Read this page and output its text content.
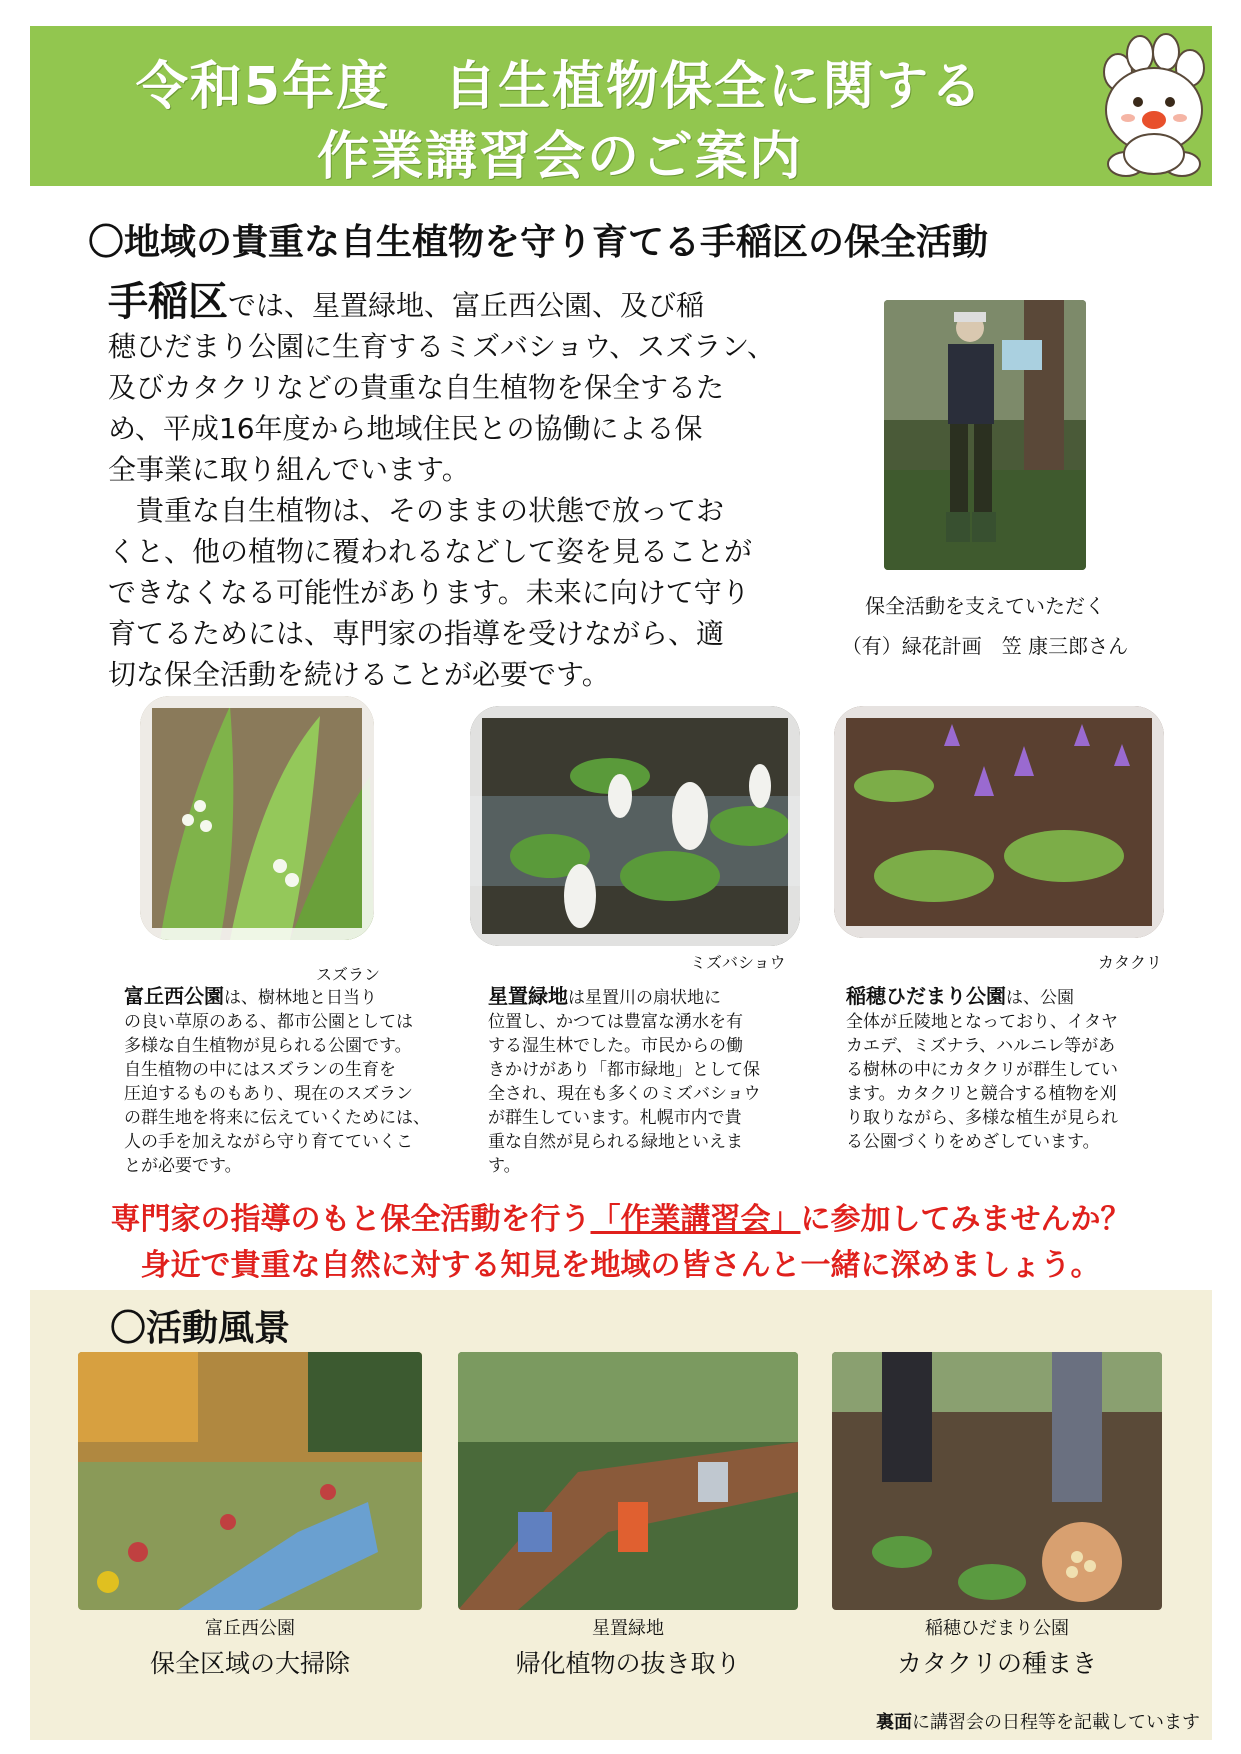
令和5年度　自生植物保全に関する
作業講習会のご案内
〇地域の貴重な自生植物を守り育てる手稲区の保全活動

手稲区では、星置緑地、富丘西公園、及び稲

穂ひだまり公園に生育するミズバショウ、スズラン、

及びカタクリなどの貴重な自生植物を保全するた

め、平成16年度から地域住民との協働による保

全事業に取り組んでいます。

　貴重な自生植物は、そのままの状態で放ってお

くと、他の植物に覆われるなどして姿を見ることが

できなくなる可能性があります。未来に向けて守り

育てるためには、専門家の指導を受けながら、適

切な保全活動を続けることが必要です。

保全活動を支えていただく
（有）緑花計画　笠 康三郎さん
スズラン
ミズバショウ	カタクリ
富丘西公園は、樹林地と日当り
の良い草原のある、都市公園としては
多様な自生植物が見られる公園です。
自生植物の中にはスズランの生育を
圧迫するものもあり、現在のスズラン
の群生地を将来に伝えていくためには、
人の手を加えながら守り育てていくこ
とが必要です。
星置緑地は星置川の扇状地に
位置し、かつては豊富な湧水を有
する湿生林でした。市民からの働
きかけがあり「都市緑地」として保
全され、現在も多くのミズバショウ
が群生しています。札幌市内で貴
重な自然が見られる緑地といえま
す。
稲穂ひだまり公園は、公園
全体が丘陵地となっており、イタヤ
カエデ、ミズナラ、ハルニレ等があ
る樹林の中にカタクリが群生してい
ます。カタクリと競合する植物を刈
り取りながら、多様な植生が見られ
る公園づくりをめざしています。
専門家の指導のもと保全活動を行う「作業講習会」に参加してみませんか？
身近で貴重な自然に対する知見を地域の皆さんと一緒に深めましょう。
〇活動風景
富丘西公園
保全区域の大掃除
星置緑地
帰化植物の抜き取り
稲穂ひだまり公園
カタクリの種まき
裏面に講習会の日程等を記載しています
